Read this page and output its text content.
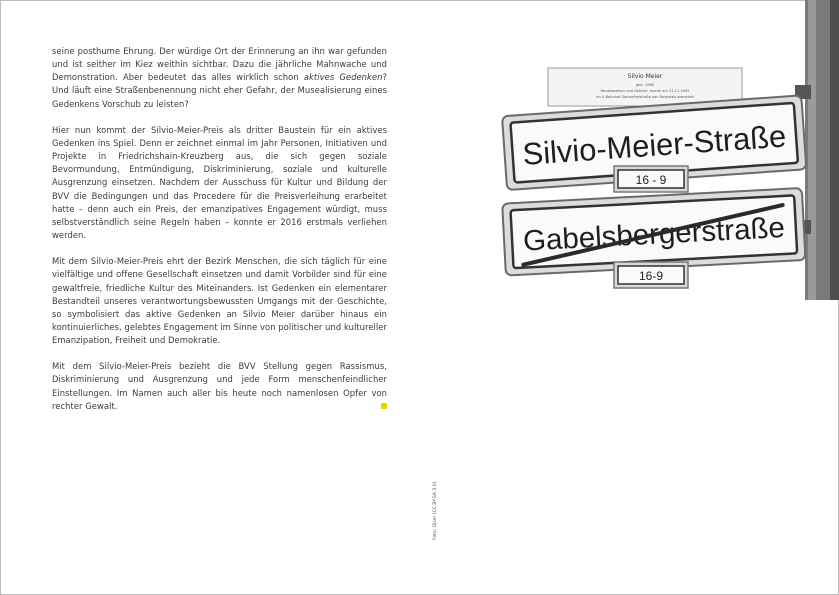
seine posthume Ehrung. Der würdige Ort der Erinnerung an ihn war gefunden und ist seither im Kiez weithin sichtbar. Dazu die jährliche Mahnwache und Demonstration. Aber bedeutet das alles wirklich schon aktives Gedenken? Und läuft eine Straßenbenennung nicht eher Gefahr, der Musealisierung eines Gedenkens Vorschub zu leisten?

Hier nun kommt der Silvio-Meier-Preis als dritter Baustein für ein aktives Gedenken ins Spiel. Denn er zeichnet einmal im Jahr Personen, Initiativen und Projekte in Friedrichshain-Kreuzberg aus, die sich gegen soziale Bevormundung, Entmündigung, Diskriminierung, soziale und kulturelle Ausgrenzung einsetzen. Nachdem der Ausschuss für Kultur und Bildung der BVV die Bedingungen und das Procedere für die Preisverleihung erarbeitet hatte – denn auch ein Preis, der emanzipatives Engagement würdigt, muss selbstverständlich seine Regeln haben – konnte er 2016 erstmals verliehen werden.

Mit dem Silvio-Meier-Preis ehrt der Bezirk Menschen, die sich täglich für eine vielfältige und offene Gesellschaft einsetzen und damit Vorbilder sind für eine gewaltfreie, friedliche Kultur des Miteinanders. Ist Gedenken ein elementarer Bestandteil unseres verantwortungsbewussten Umgangs mit der Geschichte, so symbolisiert das aktive Gedenken an Silvio Meier darüber hinaus ein kontinuierliches, gelebtes Engagement im Sinne von politischer und kultureller Emanzipation, Freiheit und Demokratie.

Mit dem Silvio-Meier-Preis bezieht die BVV Stellung gegen Rassismus, Diskriminierung und Ausgrenzung und jede Form menschenfeindlicher Einstellungen. Im Namen auch aller bis heute noch namenlosen Opfer von rechter Gewalt.

Foto: Qiser (CC BY-SA 3.0)
Silvio Meier
geb. 1965
Hausbesetzer und Aktivist, wurde am 21.11.1992
im U-Bahnhof Samariterstraße von Neonazis ermordet
Silvio-Meier-Straße
16 - 9
16-9
